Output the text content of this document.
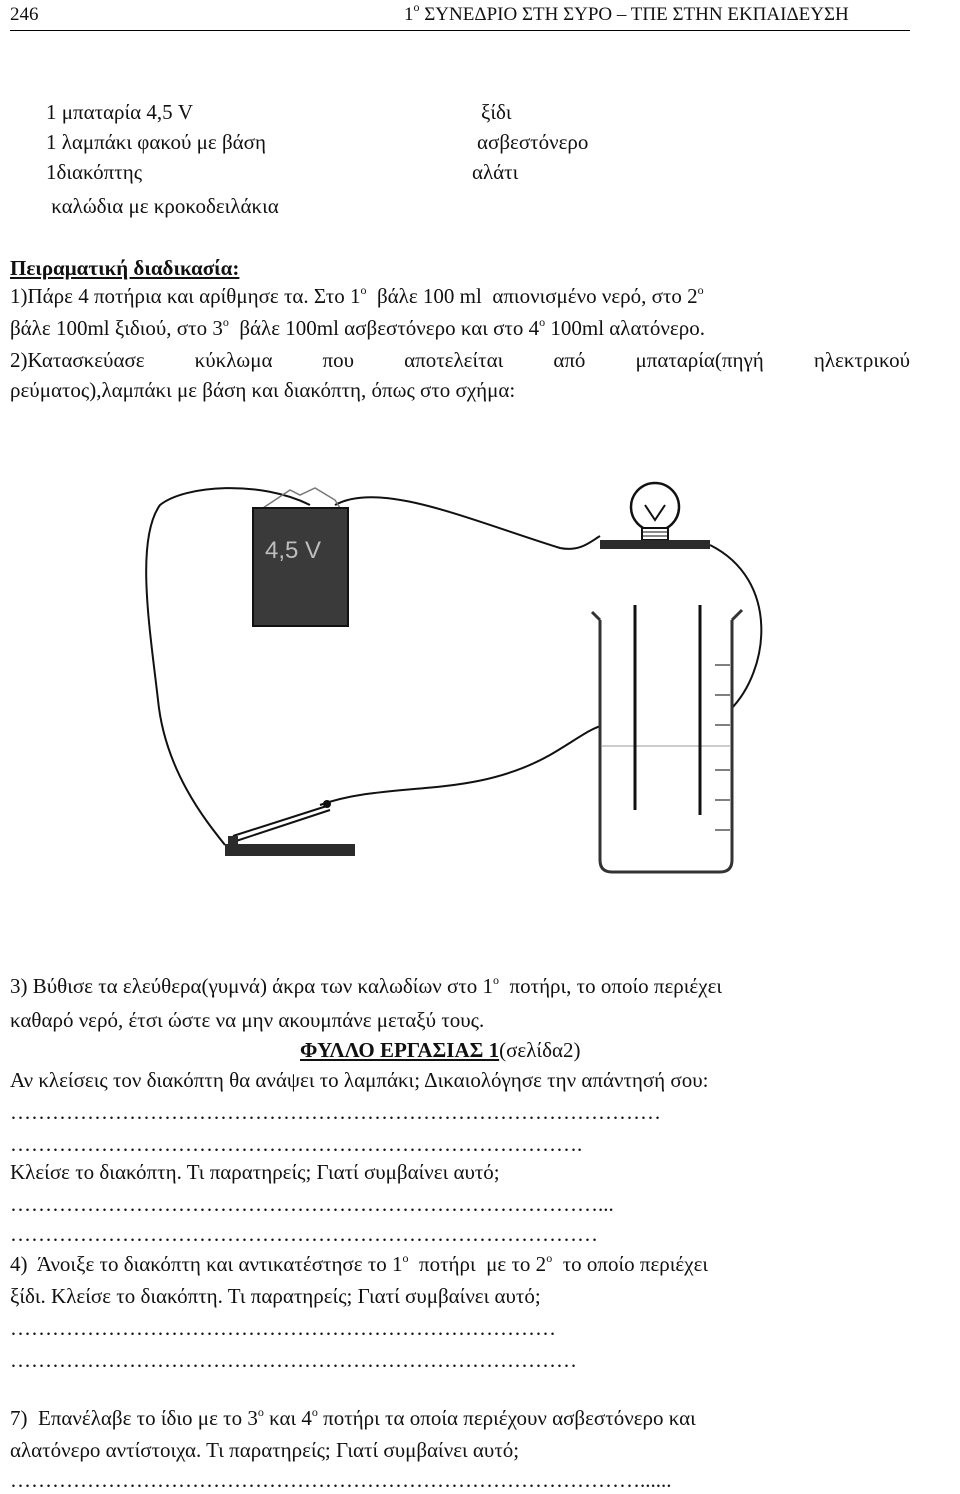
246	$1^o$ ΣΥΝΕΔΡΙΟ ΣΤΗ ΣΥΡΟ – ΤΠΕ ΣΤΗΝ ΕΚΠΑΙΔΕΥΣΗ
1 μπαταρία 4,5 V
1 λαμπάκι φακού με βάση
1διακόπτης
καλώδια με κροκοδειλάκια
ξίδι
ασβεστόνερο
αλάτι
Πειραματική διαδικασία:
1)Πάρε 4 ποτήρια και αρίθμησε τα. Στο $1^o$  βάλε 100 ml  απιονισμένο νερό, στο $2^o$
βάλε 100ml ξιδιού, στο $3^o$  βάλε 100ml ασβεστόνερο και στο $4^o$ 100ml αλατόνερο.
2)Κατασκεύασε κύκλωμα που αποτελείται από μπαταρία(πηγή ηλεκτρικού
ρεύματος),λαμπάκι με βάση και διακόπτη, όπως στο σχήμα:
4,5 V
3) Βύθισε τα ελεύθερα(γυμνά) άκρα των καλωδίων στο $1^o$  ποτήρι, το οποίο περιέχει
καθαρό νερό, έτσι ώστε να μην ακουμπάνε μεταξύ τους.
ΦΥΛΛΟ ΕΡΓΑΣΙΑΣ 1(σελίδα2)
Αν κλείσεις τον διακόπτη θα ανάψει το λαμπάκι; Δικαιολόγησε την απάντησή σου:
…………………………………………………………………………………
……………………………………………………………………….
Κλείσε το διακόπτη. Τι παρατηρείς; Γιατί συμβαίνει αυτό;
…………………………………………………………………………...
…………………………………………………………………………
4)  Άνοιξε το διακόπτη και αντικατέστησε το $1^o$  ποτήρι  με το $2^o$  το οποίο περιέχει
ξίδι. Κλείσε το διακόπτη. Τι παρατηρείς; Γιατί συμβαίνει αυτό;
……………………………………………………………………
………………………………………………………………………
7)  Επανέλαβε το ίδιο με το $3^o$ και $4^o$ ποτήρι τα οποία περιέχουν ασβεστόνερο και
αλατόνερο αντίστοιχα. Τι παρατηρείς; Γιατί συμβαίνει αυτό;
………………………………………………………………………………......
